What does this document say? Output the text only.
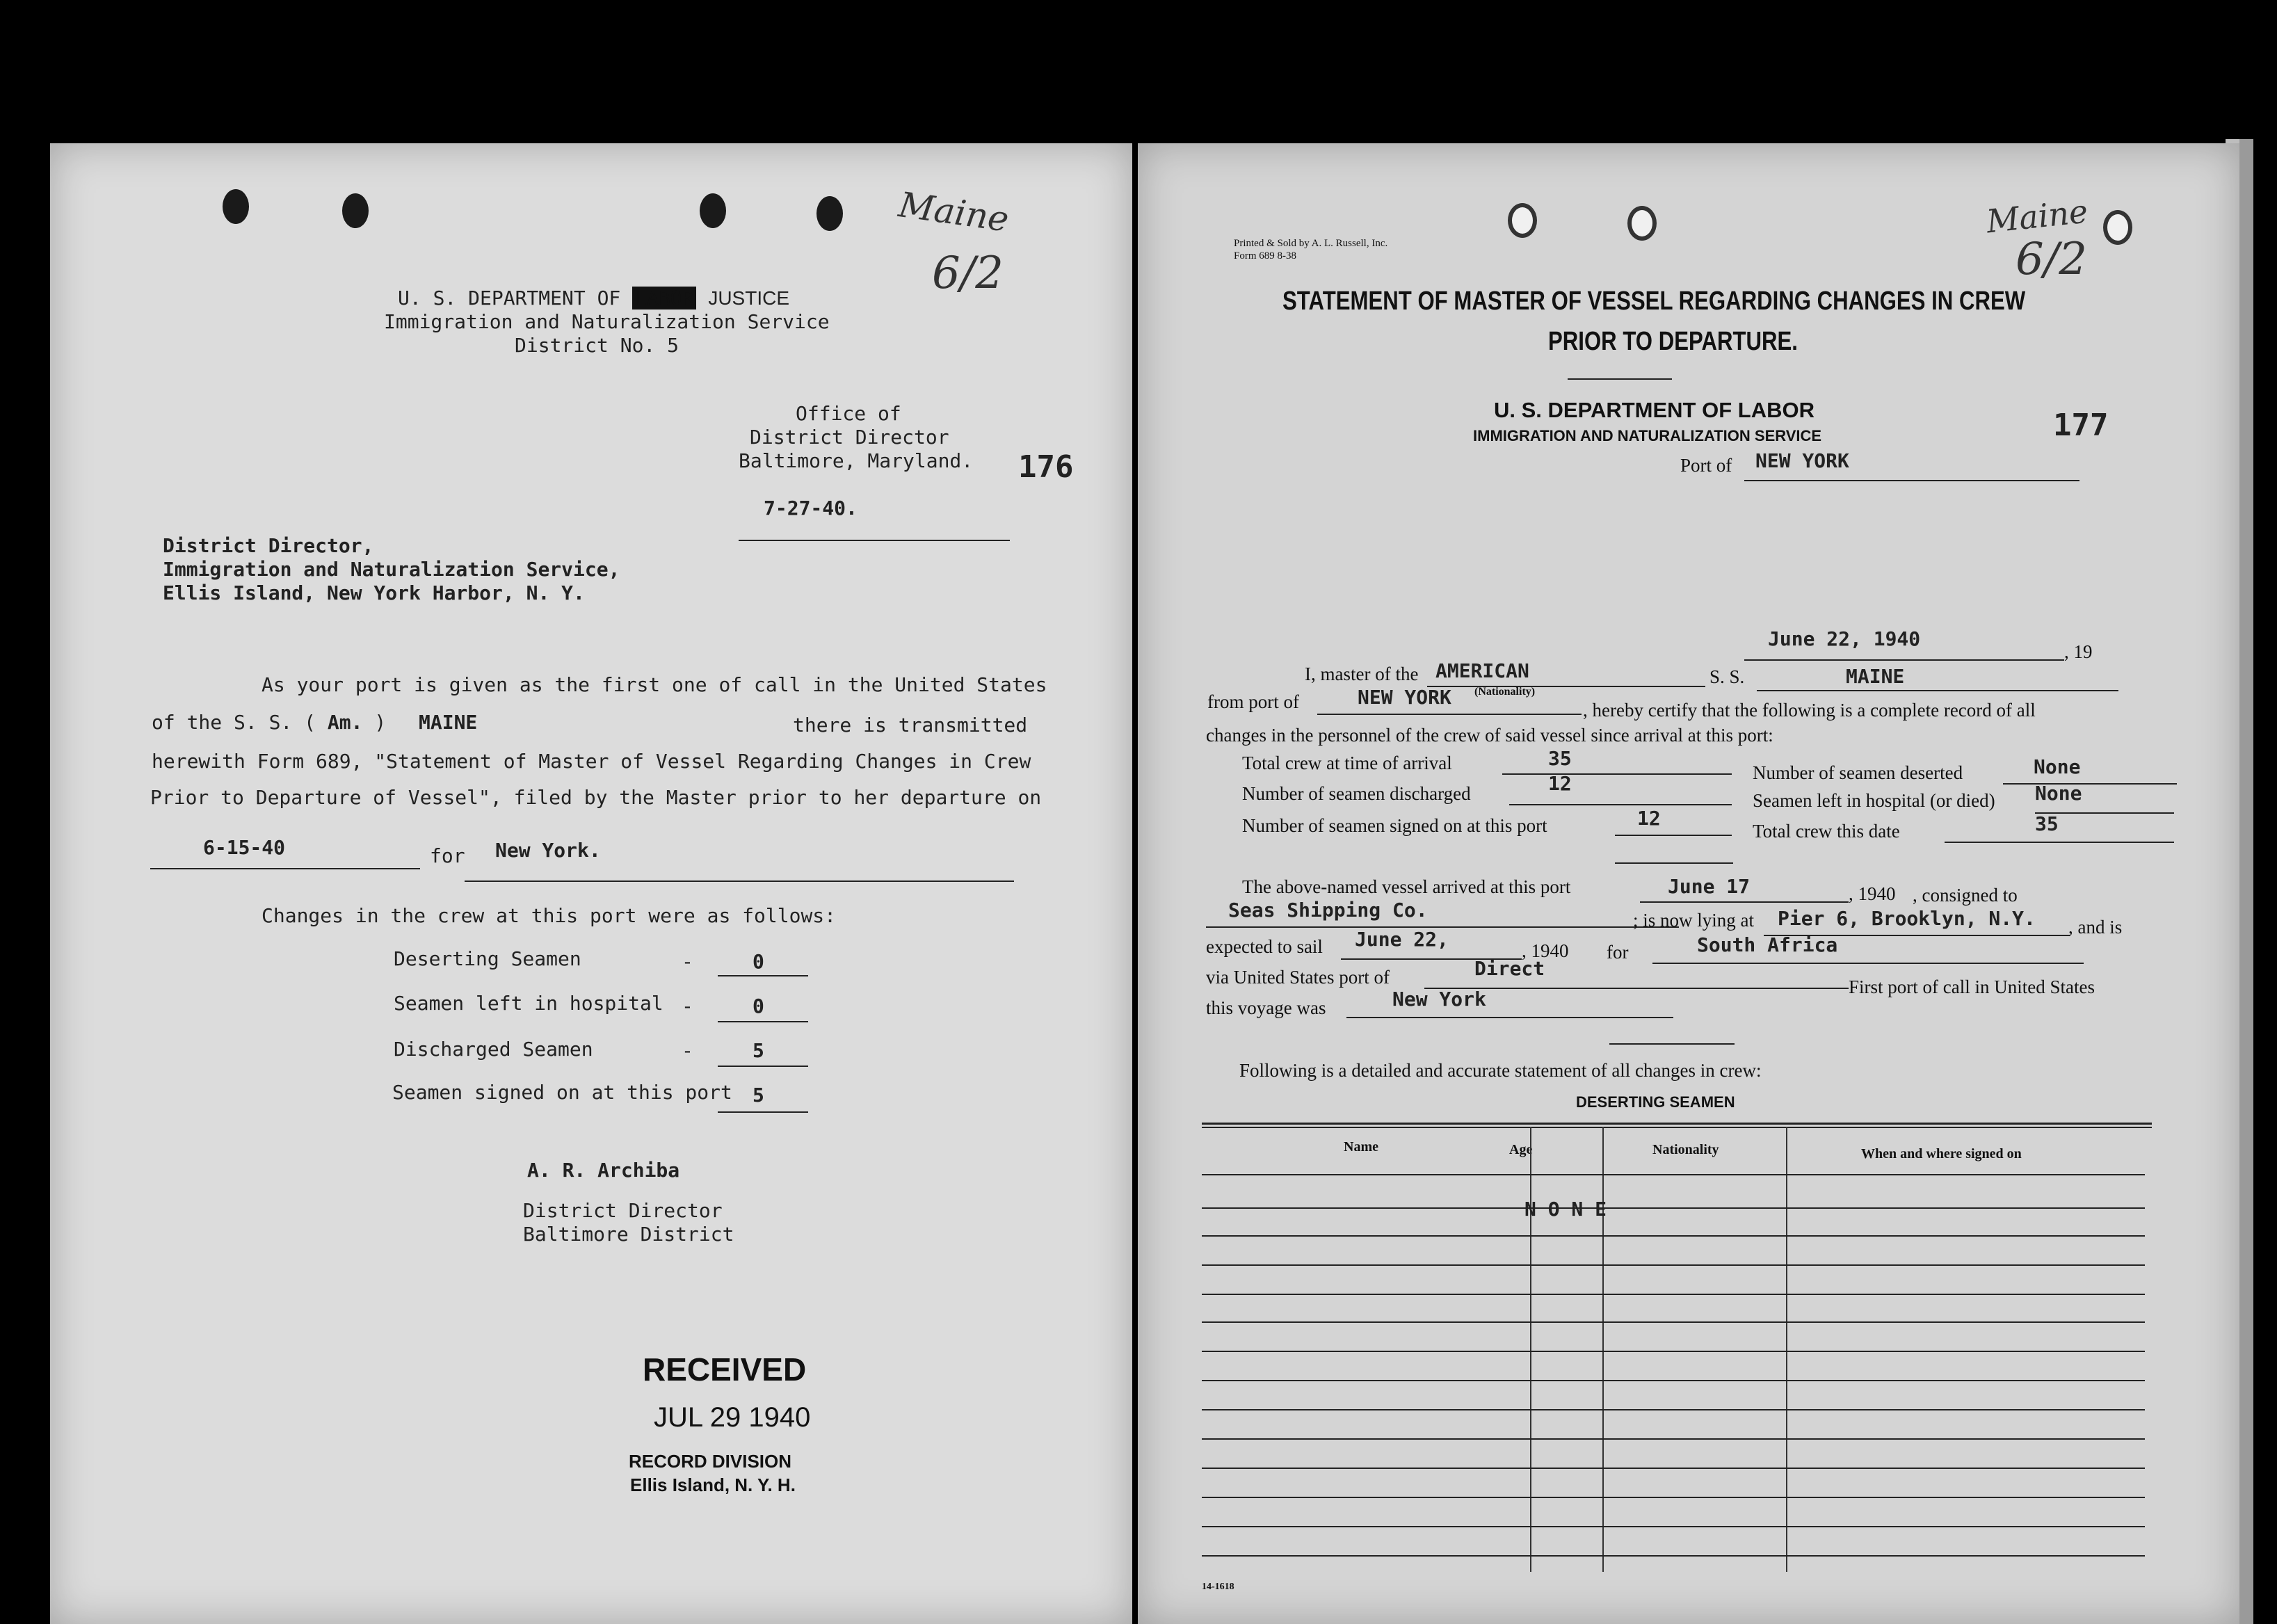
Maine
6/2
U. S. DEPARTMENT OF LABOR JUSTICE
Immigration and Naturalization Service
District No. 5
Office of
District Director
Baltimore, Maryland. 176
7-27-40.
District Director,
Immigration and Naturalization Service,
Ellis Island, New York Harbor, N. Y.
As your port is given as the first one of call in the United States
of the S. S. ( Am. ) MAINE	there is transmitted
herewith Form 689, "Statement of Master of Vessel Regarding Changes in Crew
Prior to Departure of Vessel", filed by the Master prior to her departure on
6-15-40	for New York.
Changes in the crew at this port were as follows:
Deserting Seamen	-	0
Seamen left in hospital -	0
Discharged Seamen	-	5
Seamen signed on at this port 5
A. R. Archiba
District Director
Baltimore District
RECEIVED
JUL 29 1940
RECORD DIVISION
Ellis Island, N. Y. H.
Maine
6/2
Printed & Sold by A. L. Russell, Inc.
Form 689 8-38
STATEMENT OF MASTER OF VESSEL REGARDING CHANGES IN CREW
PRIOR TO DEPARTURE.
U. S. DEPARTMENT OF LABOR
IMMIGRATION AND NATURALIZATION SERVICE	177
Port of NEW YORK
June 22, 1940
, 19
I, master of the AMERICAN	S. S.	MAINE
from port of	NEW YORK (Nationality)
, hereby certify that the following is a complete record of all
changes in the personnel of the crew of said vessel since arrival at this port:
Total crew at time of arrival	35
Number of seamen discharged	12
Number of seamen signed on at this port	12
Number of seamen deserted	None
Seamen left in hospital (or died) None
Total crew this date	35
The above-named vessel arrived at this port	June 17	, 1940 , consigned to
Seas Shipping Co.	; is now lying at Pier 6, Brooklyn, N.Y. , and is
expected to sail June 22,	, 1940 for	South Africa
via United States port of	Direct
First port of call in United States
this voyage was	New York
Following is a detailed and accurate statement of all changes in crew:
DESERTING SEAMEN
Name	Age	Nationality	When and where signed on
N O N E
14-1618
